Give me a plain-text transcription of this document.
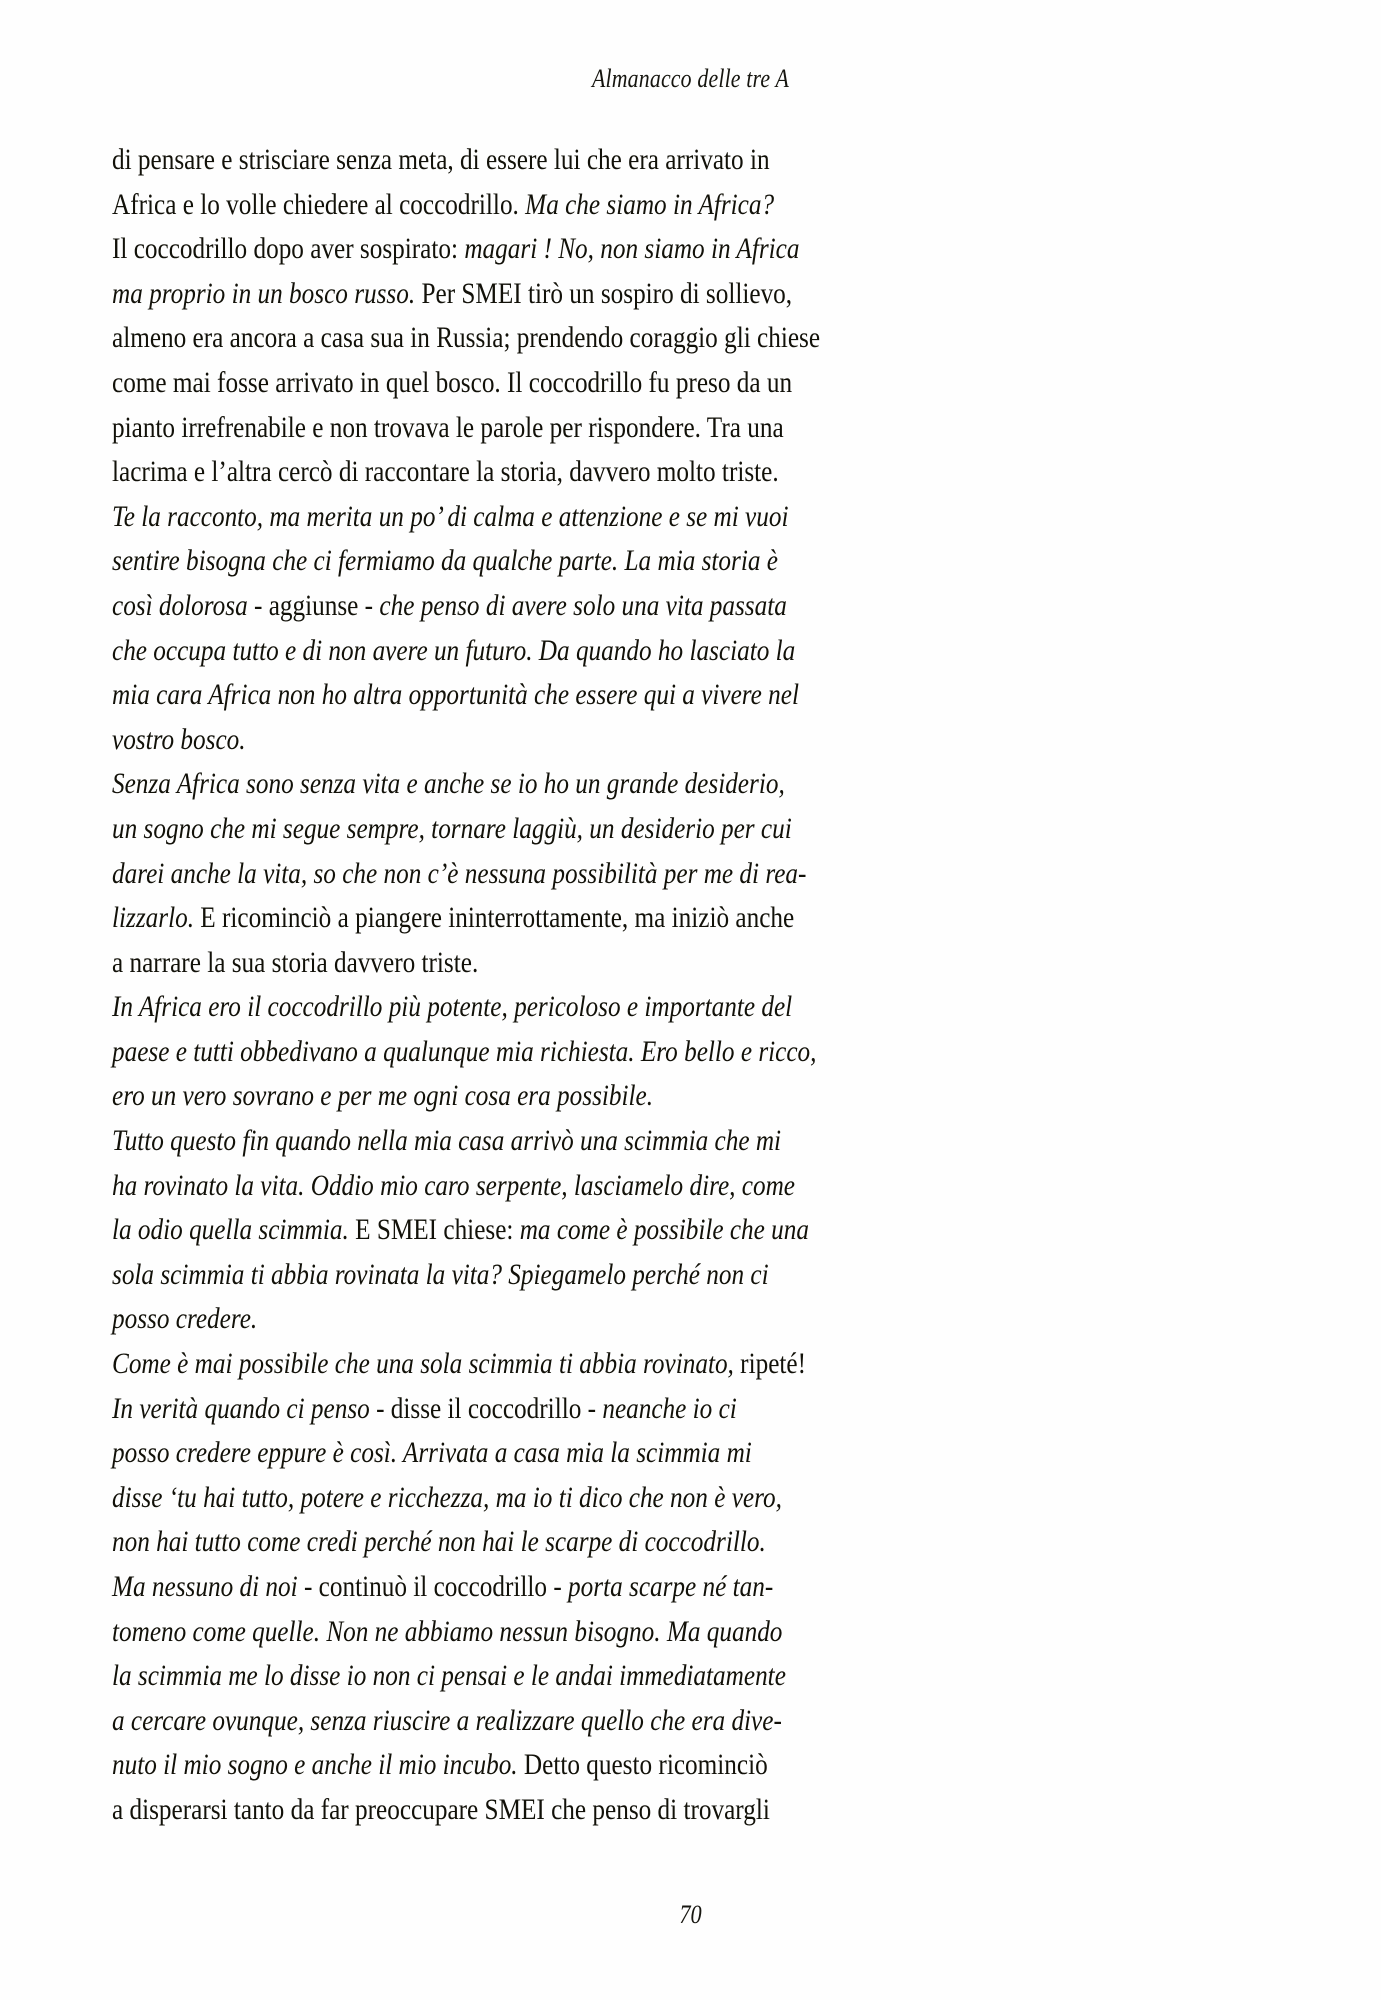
Almanacco delle tre A
di pensare e strisciare senza meta, di essere lui che era arrivato in
Africa e lo volle chiedere al coccodrillo. Ma che siamo in Africa?
Il coccodrillo dopo aver sospirato: magari ! No, non siamo in Africa
ma proprio in un bosco russo. Per SMEI tirò un sospiro di sollievo,
almeno era ancora a casa sua in Russia; prendendo coraggio gli chiese
come mai fosse arrivato in quel bosco. Il coccodrillo fu preso da un
pianto irrefrenabile e non trovava le parole per rispondere. Tra una
lacrima e l’altra cercò di raccontare la storia, davvero molto triste.
Te la racconto, ma merita un po’ di calma e attenzione e se mi vuoi
sentire bisogna che ci fermiamo da qualche parte. La mia storia è
così dolorosa - aggiunse - che penso di avere solo una vita passata
che occupa tutto e di non avere un futuro. Da quando ho lasciato la
mia cara Africa non ho altra opportunità che essere qui a vivere nel
vostro bosco.
Senza Africa sono senza vita e anche se io ho un grande desiderio,
un sogno che mi segue sempre, tornare laggiù, un desiderio per cui
darei anche la vita, so che non c’è nessuna possibilità per me di rea-
lizzarlo. E ricominciò a piangere ininterrottamente, ma iniziò anche
a narrare la sua storia davvero triste.
In Africa ero il coccodrillo più potente, pericoloso e importante del
paese e tutti obbedivano a qualunque mia richiesta. Ero bello e ricco,
ero un vero sovrano e per me ogni cosa era possibile.
Tutto questo fin quando nella mia casa arrivò una scimmia che mi
ha rovinato la vita. Oddio mio caro serpente, lasciamelo dire, come
la odio quella scimmia. E SMEI chiese: ma come è possibile che una
sola scimmia ti abbia rovinata la vita? Spiegamelo perché non ci
posso credere.
Come è mai possibile che una sola scimmia ti abbia rovinato, ripeté!
In verità quando ci penso - disse il coccodrillo - neanche io ci
posso credere eppure è così. Arrivata a casa mia la scimmia mi
disse ‘tu hai tutto, potere e ricchezza, ma io ti dico che non è vero,
non hai tutto come credi perché non hai le scarpe di coccodrillo.
Ma nessuno di noi - continuò il coccodrillo - porta scarpe né tan-
tomeno come quelle. Non ne abbiamo nessun bisogno. Ma quando
la scimmia me lo disse io non ci pensai e le andai immediatamente
a cercare ovunque, senza riuscire a realizzare quello che era dive-
nuto il mio sogno e anche il mio incubo. Detto questo ricominciò
a disperarsi tanto da far preoccupare SMEI che penso di trovargli
70
